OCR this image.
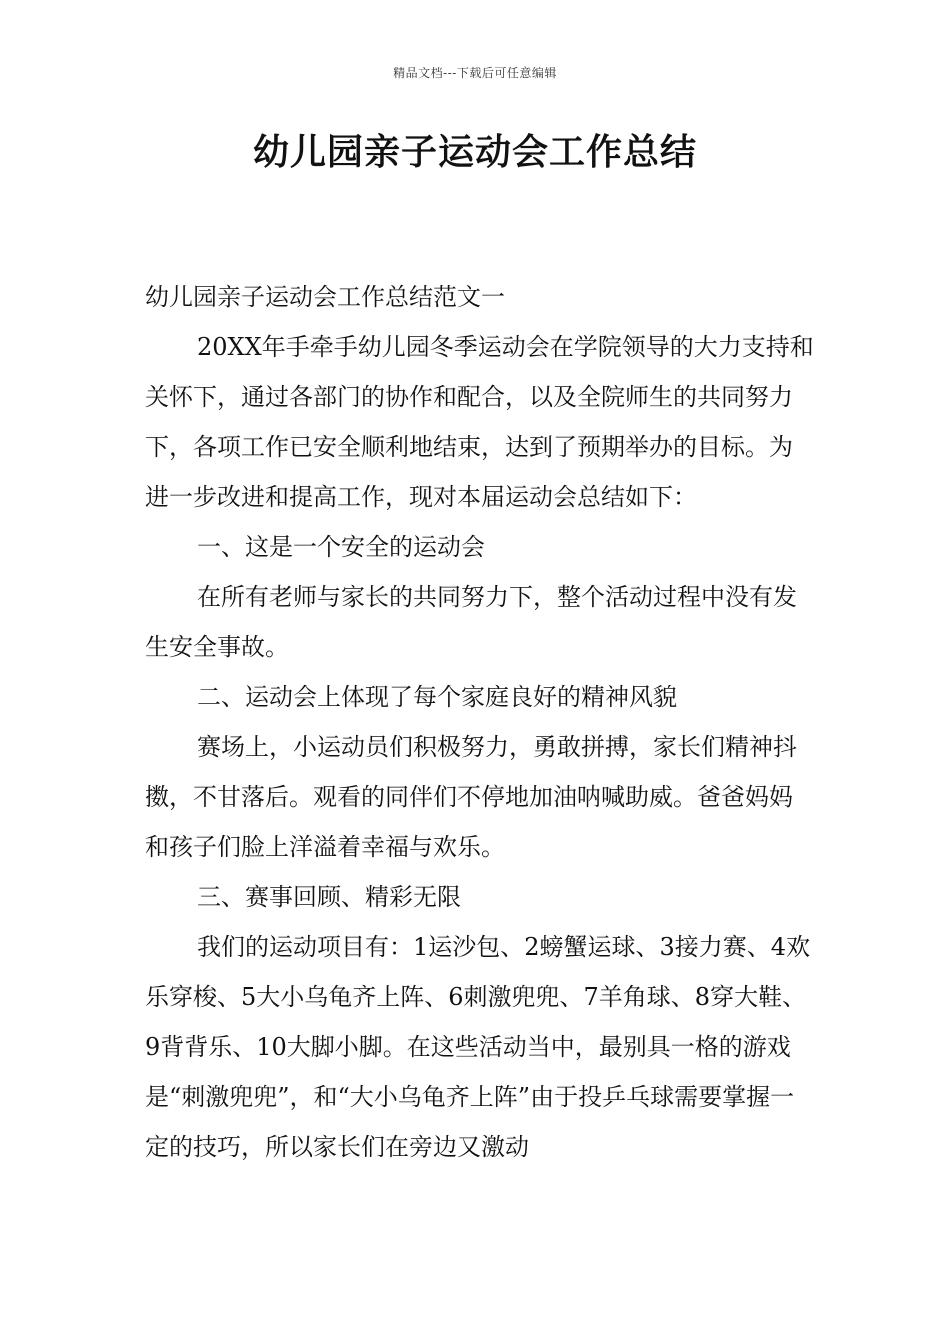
精品文档---下载后可任意编辑
幼儿园亲子运动会工作总结

幼儿园亲子运动会工作总结范文一

20XX年手牵手幼儿园冬季运动会在学院领导的大力支持和关怀下，通过各部门的协作和配合，以及全院师生的共同努力下，各项工作已安全顺利地结束，达到了预期举办的目标。为进一步改进和提高工作，现对本届运动会总结如下：

一、这是一个安全的运动会

在所有老师与家长的共同努力下，整个活动过程中没有发生安全事故。

二、运动会上体现了每个家庭良好的精神风貌

赛场上，小运动员们积极努力，勇敢拼搏，家长们精神抖擞，不甘落后。观看的同伴们不停地加油呐喊助威。爸爸妈妈和孩子们脸上洋溢着幸福与欢乐。

三、赛事回顾、精彩无限

我们的运动项目有：1运沙包、2螃蟹运球、3接力赛、4欢乐穿梭、5大小乌龟齐上阵、6刺激兜兜、7羊角球、8穿大鞋、9背背乐、10大脚小脚。在这些活动当中，最别具一格的游戏是“刺激兜兜”，和“大小乌龟齐上阵”由于投乒乓球需要掌握一定的技巧，所以家长们在旁边又激动
